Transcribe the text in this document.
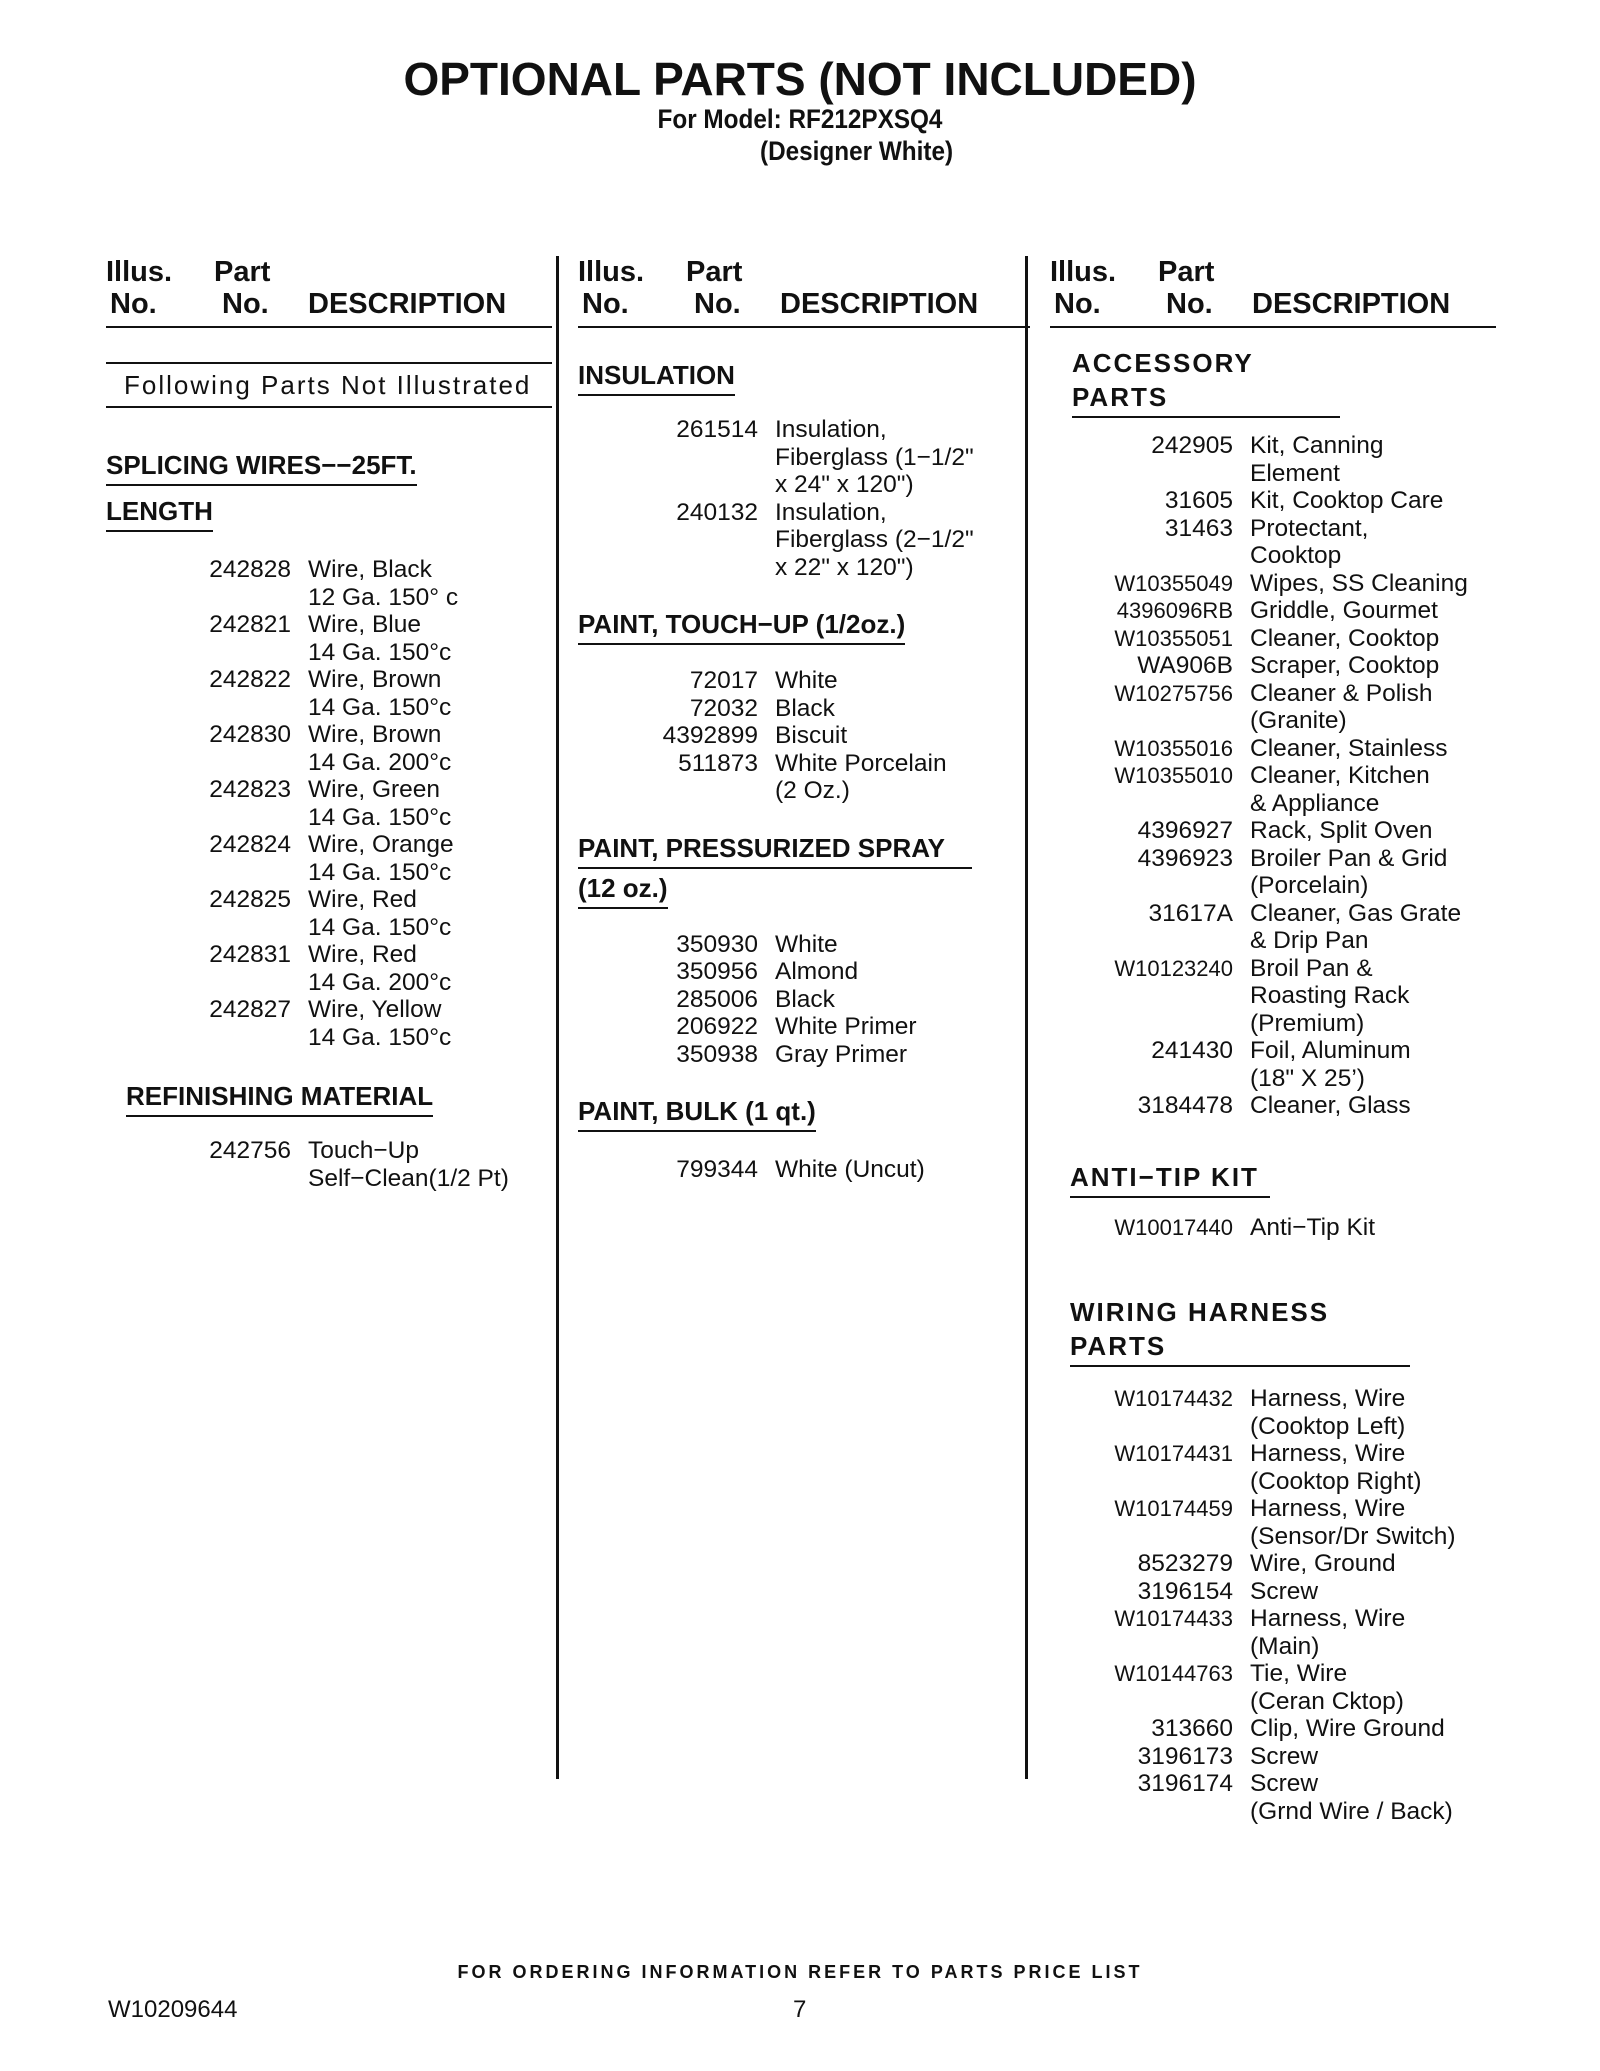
OPTIONAL PARTS (NOT INCLUDED)
For Model: RF212PXSQ4
(Designer White)
Illus.
No.
Part
No. DESCRIPTION
Following Parts Not Illustrated
SPLICING WIRES−−25FT.
LENGTH
242828 Wire, Black
12 Ga. 150° c
242821 Wire, Blue
14 Ga. 150°c
242822 Wire, Brown
14 Ga. 150°c
242830 Wire, Brown
14 Ga. 200°c
242823 Wire, Green
14 Ga. 150°c
242824 Wire, Orange
14 Ga. 150°c
242825 Wire, Red
14 Ga. 150°c
242831 Wire, Red
14 Ga. 200°c
242827 Wire, Yellow
14 Ga. 150°c
REFINISHING MATERIAL
242756 Touch−Up
Self−Clean(1/2 Pt)
Illus.
No.
Part
No. DESCRIPTION
INSULATION
261514 Insulation,
Fiberglass (1−1/2"
x 24" x 120")
240132 Insulation,
Fiberglass (2−1/2"
x 22" x 120")
PAINT, TOUCH−UP (1/2oz.)
72017 White
72032 Black
4392899 Biscuit
511873 White Porcelain
(2 Oz.)
PAINT, PRESSURIZED SPRAY
(12 oz.)
350930 White
350956 Almond
285006 Black
206922 White Primer
350938 Gray Primer
PAINT, BULK (1 qt.)
799344 White (Uncut)
Illus.
No.
Part
No. DESCRIPTION
ACCESSORY PARTS
242905 Kit, Canning
Element
31605 Kit, Cooktop Care
31463 Protectant,
Cooktop
W10355049 Wipes, SS Cleaning
4396096RB Griddle, Gourmet
W10355051 Cleaner, Cooktop
WA906B Scraper, Cooktop
W10275756 Cleaner & Polish
(Granite)
W10355016 Cleaner, Stainless
W10355010 Cleaner, Kitchen
& Appliance
4396927 Rack, Split Oven
4396923 Broiler Pan & Grid
(Porcelain)
31617A Cleaner, Gas Grate
& Drip Pan
W10123240 Broil Pan &
Roasting Rack
(Premium)
241430 Foil, Aluminum
(18" X 25’)
3184478 Cleaner, Glass
ANTI−TIP KIT
W10017440 Anti−Tip Kit
WIRING HARNESS PARTS
W10174432 Harness, Wire
(Cooktop Left)
W10174431 Harness, Wire
(Cooktop Right)
W10174459 Harness, Wire
(Sensor/Dr Switch)
8523279 Wire, Ground
3196154 Screw
W10174433 Harness, Wire
(Main)
W10144763 Tie, Wire
(Ceran Cktop)
313660 Clip, Wire Ground
3196173 Screw
3196174 Screw
(Grnd Wire / Back)
FOR ORDERING INFORMATION REFER TO PARTS PRICE LIST
W10209644	7
